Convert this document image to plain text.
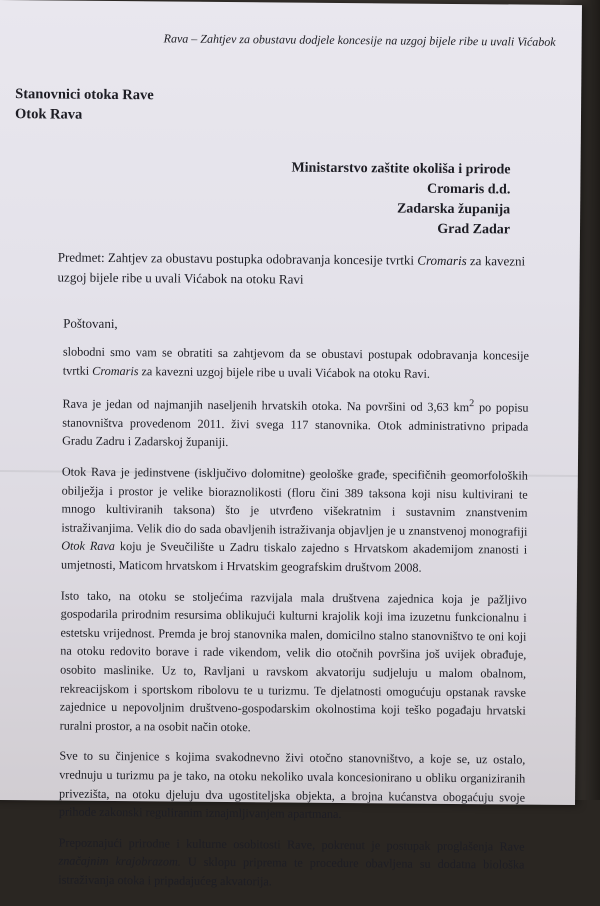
Rava – Zahtjev za obustavu dodjele koncesije na uzgoj bijele ribe u uvali Vićabok
Stanovnici otoka Rave
Otok Rava
Ministarstvo zaštite okoliša i prirode
Cromaris d.d.
Zadarska županija
Grad Zadar
Predmet: Zahtjev za obustavu postupka odobravanja koncesije tvrtki Cromaris za kavezni uzgoj bijele ribe u uvali Vićabok na otoku Ravi
Poštovani,

slobodni smo vam se obratiti sa zahtjevom da se obustavi postupak odobravanja koncesije tvrtki Cromaris za kavezni uzgoj bijele ribe u uvali Vićabok na otoku Ravi.

Rava je jedan od najmanjih naseljenih hrvatskih otoka. Na površini od 3,63 $km^2$ po popisu stanovništva provedenom 2011. živi svega 117 stanovnika. Otok administrativno pripada Gradu Zadru i Zadarskoj županiji.

Otok Rava je jedinstvene (isključivo dolomitne) geološke građe, specifičnih geomorfoloških obilježja i prostor je velike bioraznolikosti (floru čini 389 taksona koji nisu kultivirani te mnogo kultiviranih taksona) što je utvrđeno višekratnim i sustavnim znanstvenim istraživanjima. Velik dio do sada obavljenih istraživanja objavljen je u znanstvenoj monografiji Otok Rava koju je Sveučilište u Zadru tiskalo zajedno s Hrvatskom akademijom znanosti i umjetnosti, Maticom hrvatskom i Hrvatskim geografskim društvom 2008.

Isto tako, na otoku se stoljećima razvijala mala društvena zajednica koja je pažljivo gospodarila prirodnim resursima oblikujući kulturni krajolik koji ima izuzetnu funkcionalnu i estetsku vrijednost. Premda je broj stanovnika malen, domicilno stalno stanovništvo te oni koji na otoku redovito borave i rade vikendom, velik dio otočnih površina još uvijek obrađuje, osobito maslinike. Uz to, Ravljani u ravskom akvatoriju sudjeluju u malom obalnom, rekreacijskom i sportskom ribolovu te u turizmu. Te djelatnosti omogućuju opstanak ravske zajednice u nepovoljnim društveno-gospodarskim okolnostima koji teško pogađaju hrvatski ruralni prostor, a na osobit način otoke.

Sve to su činjenice s kojima svakodnevno živi otočno stanovništvo, a koje se, uz ostalo, vrednuju u turizmu pa je tako, na otoku nekoliko uvala koncesionirano u obliku organiziranih privezišta, na otoku djeluju dva ugostiteljska objekta, a brojna kućanstva obogaćuju svoje prihode zakonski reguliranim iznajmljivanjem apartmana.

Prepoznajući prirodne i kulturne osobitosti Rave, pokrenut je postupak proglašenja Rave značajnim krajobrazom. U sklopu priprema te procedure obavljena su dodatna biološka istraživanja otoka i pripadajućeg akvatorija.
